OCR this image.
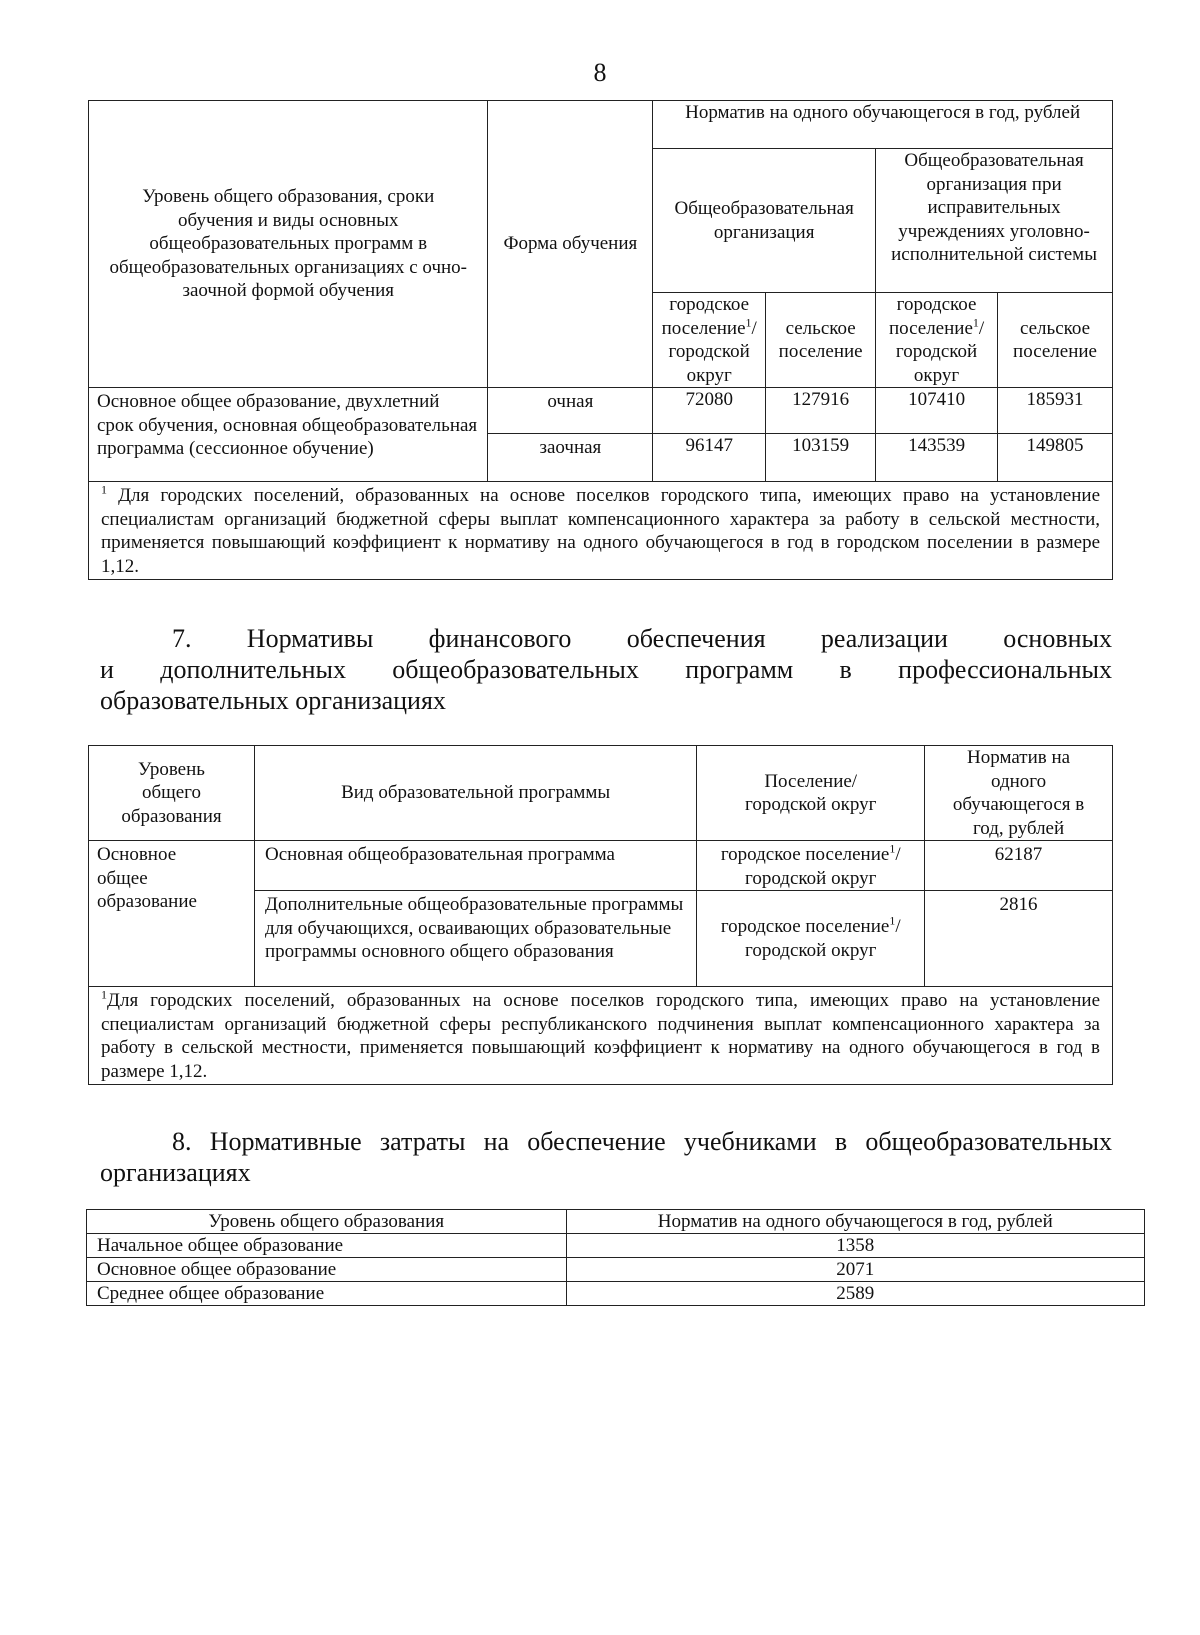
8
Уровень общего образования, сроки обучения и виды основных общеобразовательных программ в общеобразовательных организациях с очно-заочной формой обучения	Форма обучения	Норматив на одного обучающегося в год, рублей			
		Общеобразовательная организация		Общеобразовательная организация при исправительных учреждениях уголовно-исполнительной системы	
		городское поселение$^1$/ городской округ	сельское поселение	городское поселение$^1$/ городской округ	сельское поселение
Основное общее образование, двухлетний срок обучения, основная общеобразовательная программа (сессионное обучение)	очная	72080	127916	107410	185931
	заочная	96147	103159	143539	149805
$^1$ Для городских поселений, образованных на основе поселков городского типа, имеющих право на установление специалистам организаций бюджетной сферы выплат компенсационного характера за работу в сельской местности, применяется повышающий коэффициент к нормативу на одного обучающегося в год в городском поселении в размере 1,12.					
7. Нормативы финансового обеспечения реализации основных
и дополнительных общеобразовательных программ в профессиональных
образовательных организациях
Уровень общего образования	Вид образовательной программы	Поселение/ городской округ	Норматив на одного обучающегося в год, рублей
Основное общее образование	Основная общеобразовательная программа	городское поселение$^1$/ городской округ	62187
	Дополнительные общеобразовательные программы для обучающихся, осваивающих образовательные программы основного общего образования	городское поселение$^1$/ городской округ	2816
$^1$Для городских поселений, образованных на основе поселков городского типа, имеющих право на установление специалистам организаций бюджетной сферы республиканского подчинения выплат компенсационного характера за работу в сельской местности, применяется повышающий коэффициент к нормативу на одного обучающегося в год в размере 1,12.			
8. Нормативные затраты на обеспечение учебниками в общеобразовательных
организациях
Уровень общего образования	Норматив на одного обучающегося в год, рублей
Начальное общее образование	1358
Основное общее образование	2071
Среднее общее образование	2589
